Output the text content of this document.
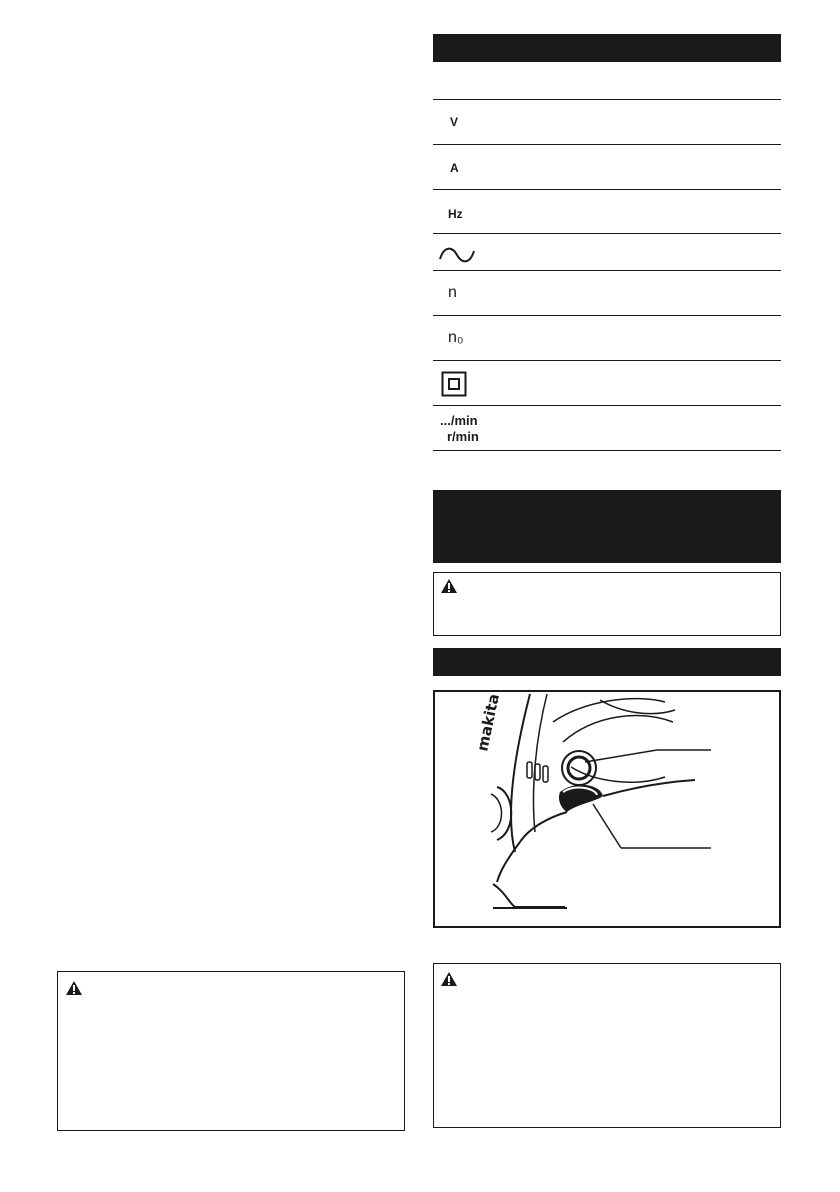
V
A
Hz
n
n₀
.../min
r/min
makita
